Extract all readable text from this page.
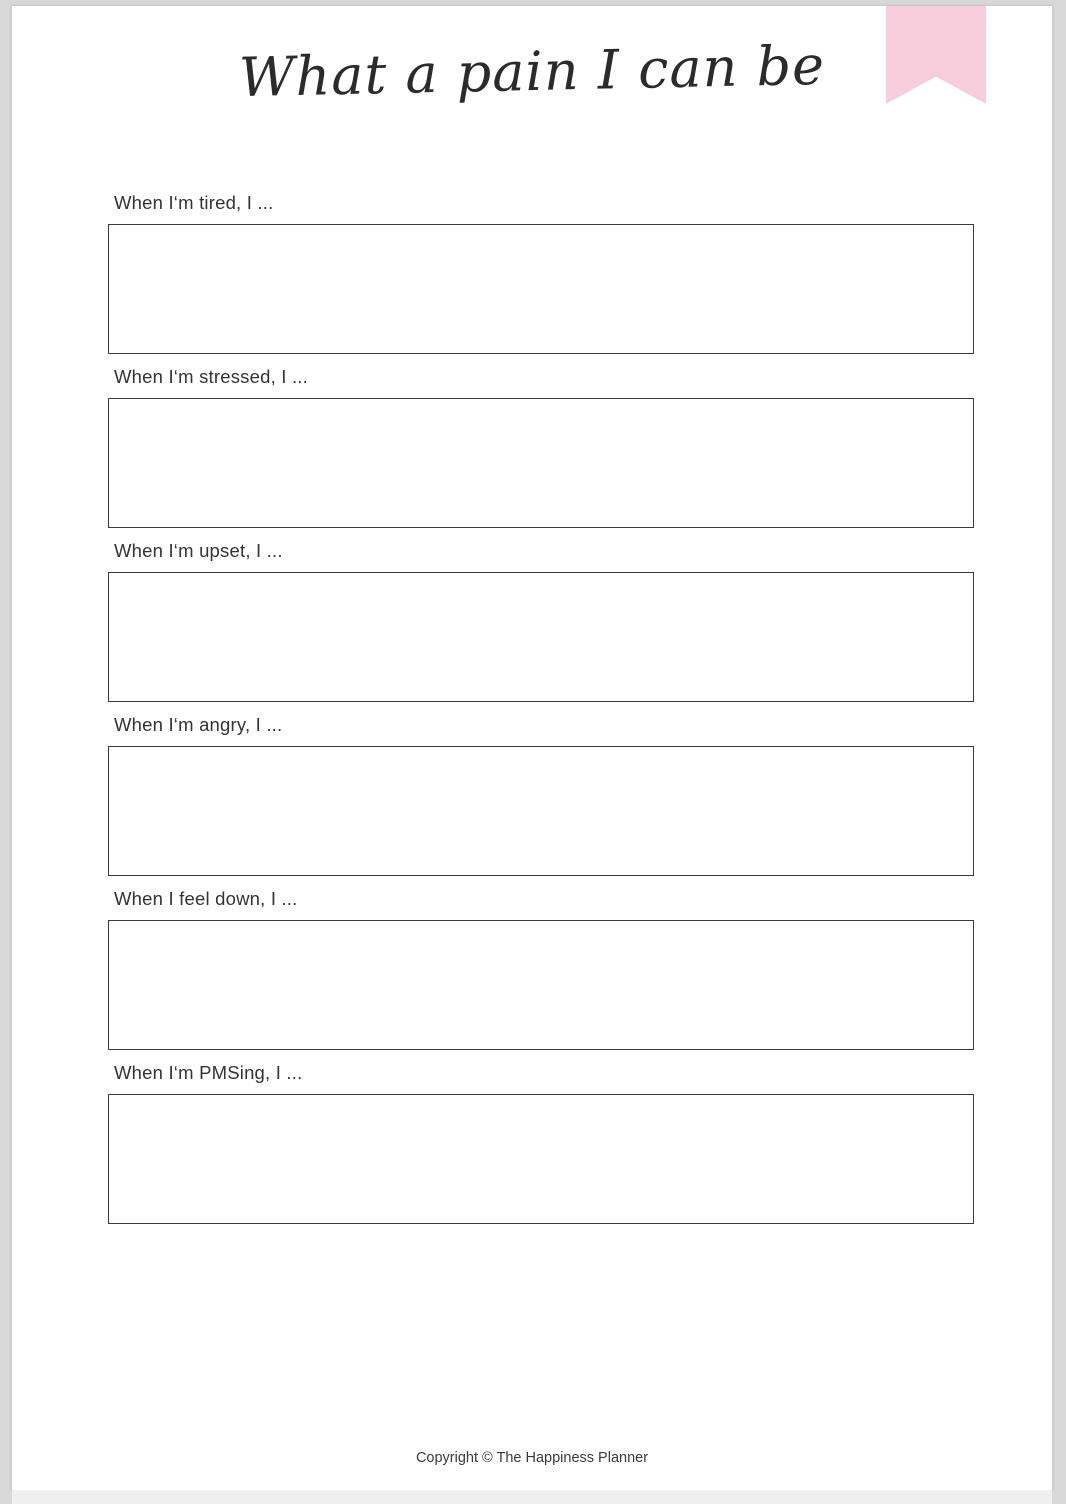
What a pain I can be
When I‘m tired, I ...
When I‘m stressed, I ...
When I‘m upset, I ...
When I‘m angry, I ...
When I feel down, I ...
When I‘m PMSing, I ...
Copyright © The Happiness Planner
